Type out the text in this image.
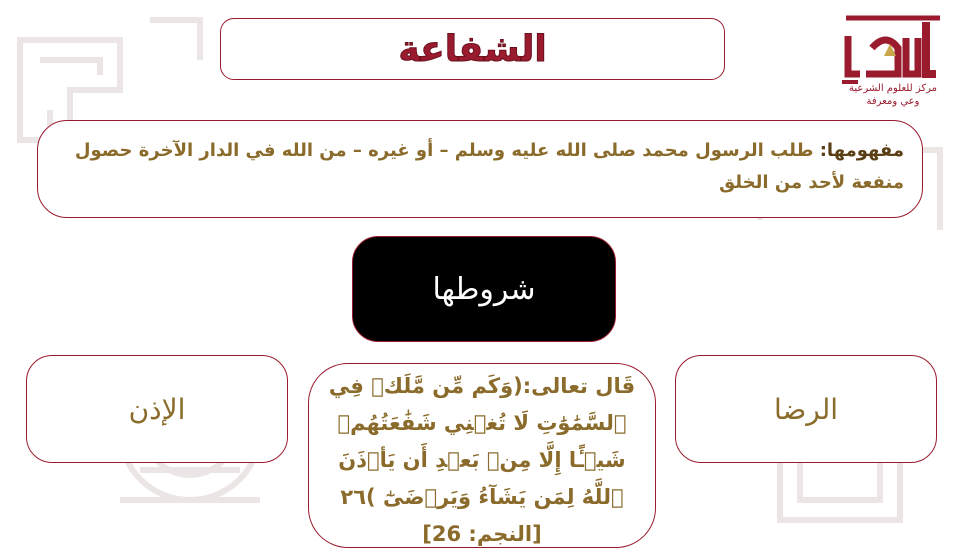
مركز للعلوم الشرعية
وعي ومعرفة
الشفاعة
مفهومها: طلب الرسول محمد صلى الله عليه وسلم – أو غيره – من الله في الدار الآخرة حصول منفعة لأحد من الخلق
شروطها
الإذن	الرضا
قَال تعالى:(وَكَم مِّن مَّلَكٖ فِي ٱلسَّمَٰوَٰتِ لَا تُغۡنِي شَفَٰعَتُهُمۡ شَيۡـًٔا إِلَّا مِنۢ بَعۡدِ أَن يَأۡذَنَ ٱللَّهُ لِمَن يَشَآءُ وَيَرۡضَىٰٓ )٢٦ [النجم: 26]
